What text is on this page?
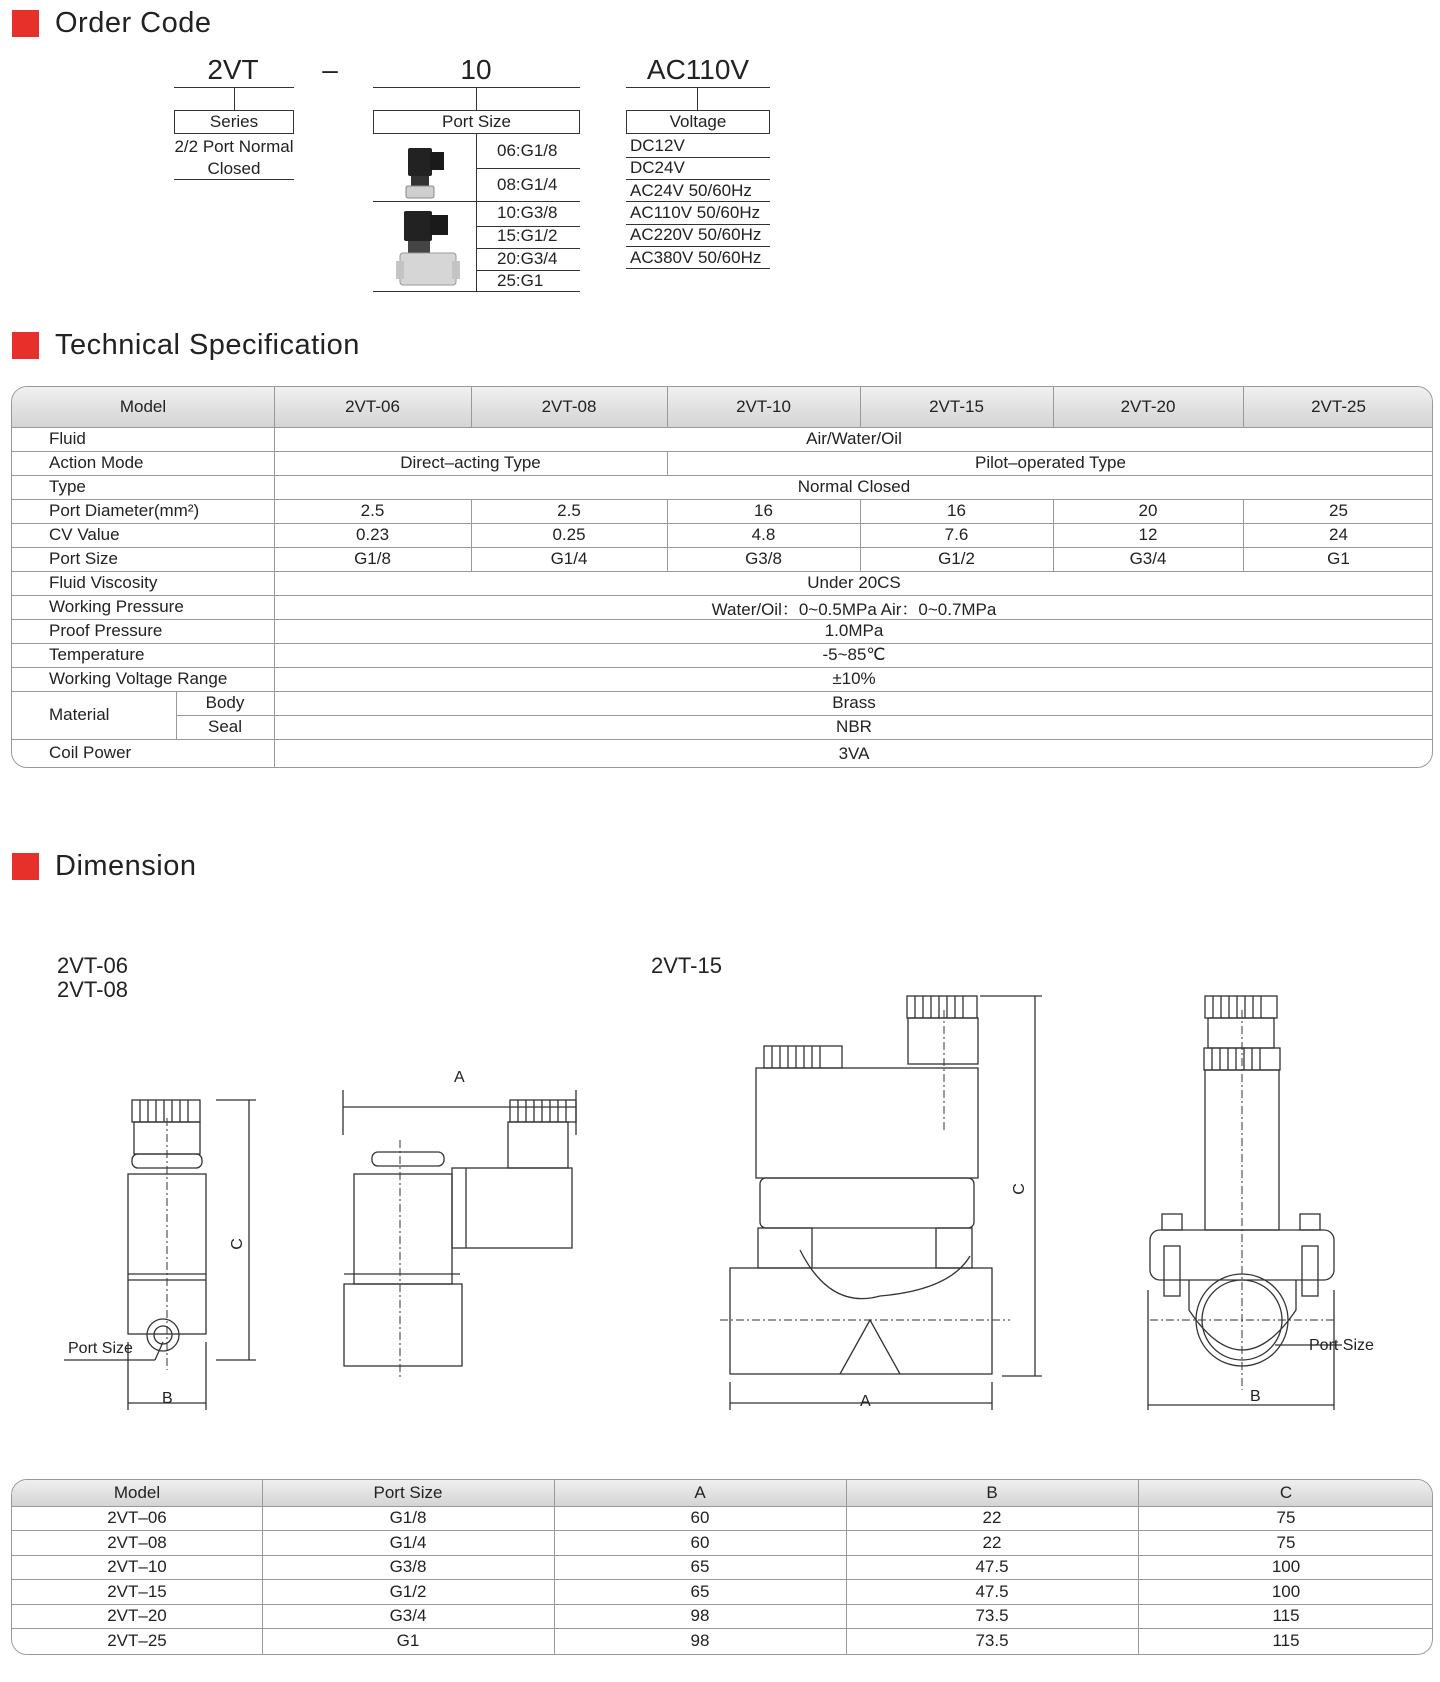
Order Code
2VT	–	10	AC110V
Series
2/2 Port Normal
Closed
Port Size
06:G1/8
08:G1/4
10:G3/8
15:G1/2
20:G3/4
25:G1
Voltage
DC12V
DC24V
AC24V 50/60Hz
AC110V 50/60Hz
AC220V 50/60Hz
AC380V 50/60Hz
Technical Specification
Model	2VT-06	2VT-08	2VT-10	2VT-15	2VT-20	2VT-25
Fluid	Air/Water/Oil
Action Mode	Direct–acting Type	Pilot–operated Type
Type	Normal Closed
Port Diameter(mm²)	2.5	2.5	16	16	20	25
CV Value	0.23	0.25	4.8	7.6	12	24
Port Size	G1/8	G1/4	G3/8	G1/2	G3/4	G1
Fluid Viscosity	Under 20CS
Working Pressure	Water/Oil：0~0.5MPa Air：0~0.7MPa
Proof Pressure	1.0MPa
Temperature	-5~85℃
Working Voltage Range	±10%
Material
Body	Brass
Seal	NBR
Coil Power	3VA
Dimension
2VT-06
2VT-08
2VT-15
B
C
Port Size
A
A
C
B
Port Size
Model	Port Size	A	B	C
2VT–06	G1/8	60	22	75
2VT–08	G1/4	60	22	75
2VT–10	G3/8	65	47.5	100
2VT–15	G1/2	65	47.5	100
2VT–20	G3/4	98	73.5	115
2VT–25	G1	98	73.5	115
